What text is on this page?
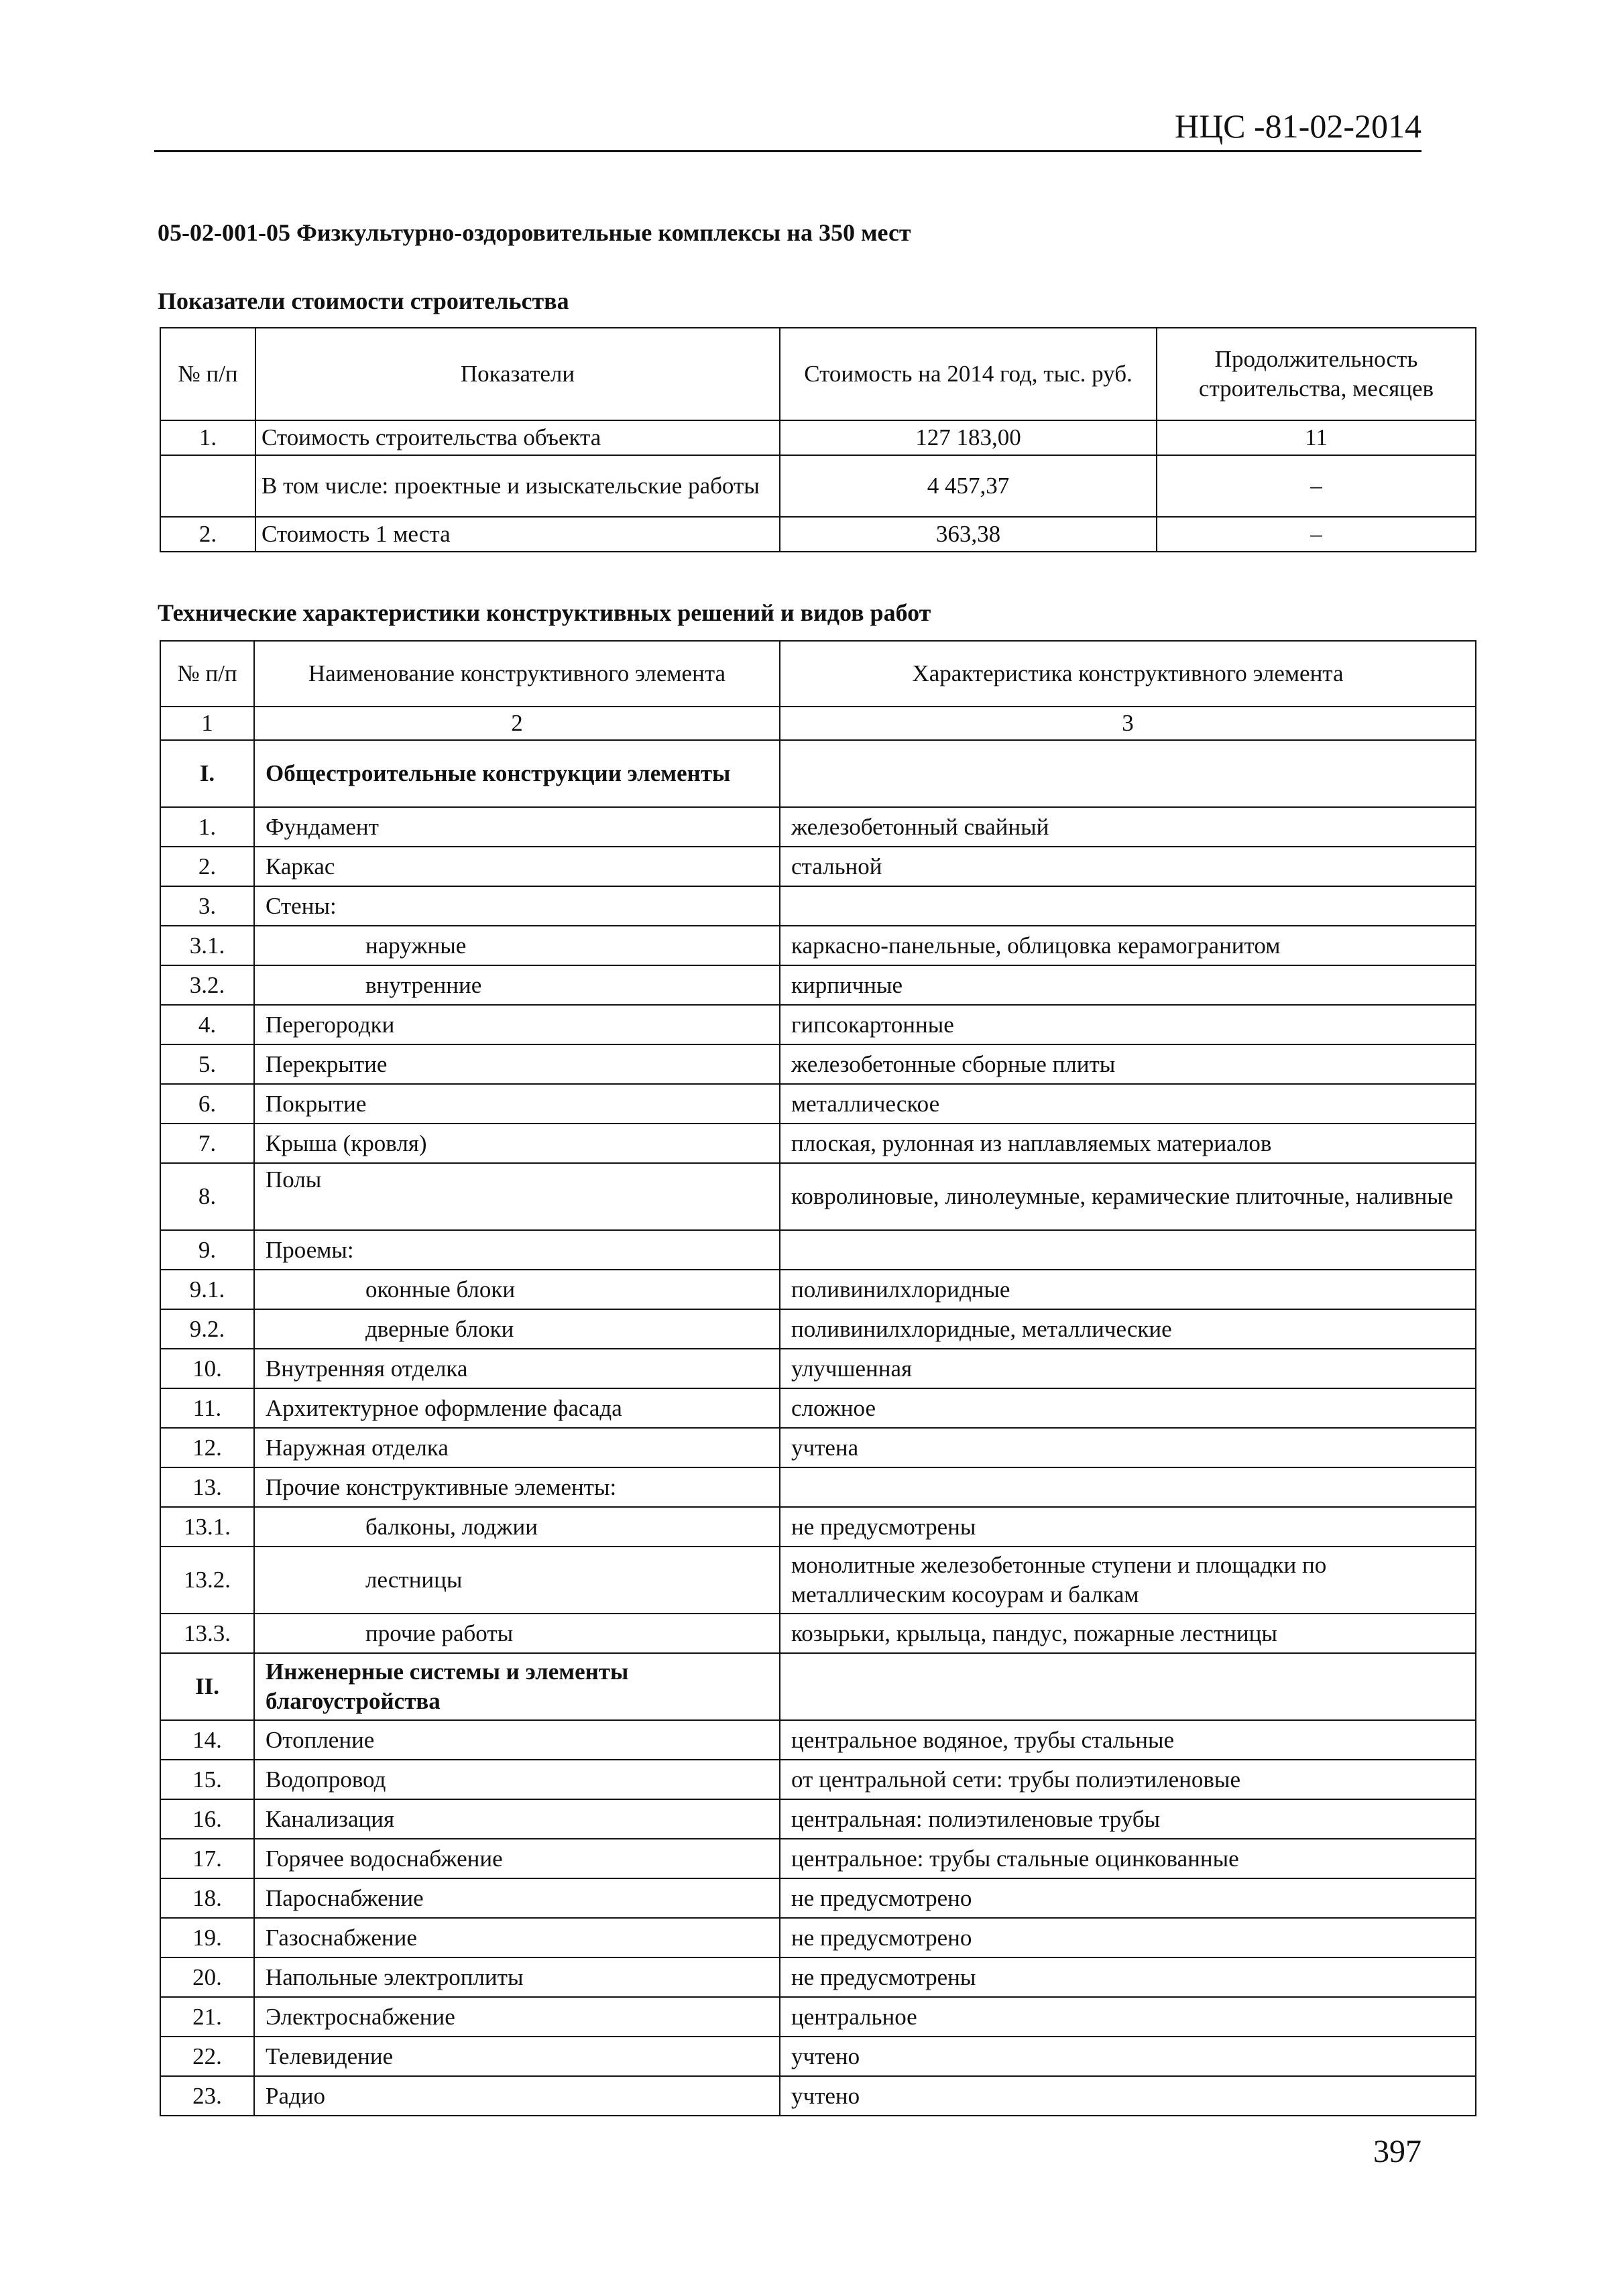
НЦС -81-02-2014
05-02-001-05 Физкультурно-оздоровительные комплексы на 350 мест
Показатели стоимости строительства
№ п/п	Показатели	Стоимость на 2014 год, тыс. руб.	Продолжительность строительства, месяцев
1.	Стоимость строительства объекта	127 183,00	11
	В том числе: проектные и изыскательские работы	4 457,37	–
2.	Стоимость 1 места	363,38	–
Технические характеристики конструктивных решений и видов работ
№ п/п	Наименование конструктивного элемента	Характеристика конструктивного элемента
1	2	3
I.	Общестроительные конструкции элементы	
1.	Фундамент	железобетонный свайный
2.	Каркас	стальной
3.	Стены:	
3.1.	наружные	каркасно-панельные, облицовка керамогранитом
3.2.	внутренние	кирпичные
4.	Перегородки	гипсокартонные
5.	Перекрытие	железобетонные сборные плиты
6.	Покрытие	металлическое
7.	Крыша (кровля)	плоская, рулонная из наплавляемых материалов
8.	Полы	ковролиновые, линолеумные, керамические плиточные, наливные
9.	Проемы:	
9.1.	оконные блоки	поливинилхлоридные
9.2.	дверные блоки	поливинилхлоридные, металлические
10.	Внутренняя отделка	улучшенная
11.	Архитектурное оформление фасада	сложное
12.	Наружная отделка	учтена
13.	Прочие конструктивные элементы:	
13.1.	балконы, лоджии	не предусмотрены
13.2.	лестницы	монолитные железобетонные ступени и площадки по металлическим косоурам и балкам
13.3.	прочие работы	козырьки, крыльца, пандус, пожарные лестницы
II.	Инженерные системы и элементы благоустройства	
14.	Отопление	центральное водяное, трубы стальные
15.	Водопровод	от центральной сети: трубы полиэтиленовые
16.	Канализация	центральная: полиэтиленовые трубы
17.	Горячее водоснабжение	центральное: трубы стальные оцинкованные
18.	Пароснабжение	не предусмотрено
19.	Газоснабжение	не предусмотрено
20.	Напольные электроплиты	не предусмотрены
21.	Электроснабжение	центральное
22.	Телевидение	учтено
23.	Радио	учтено
397
